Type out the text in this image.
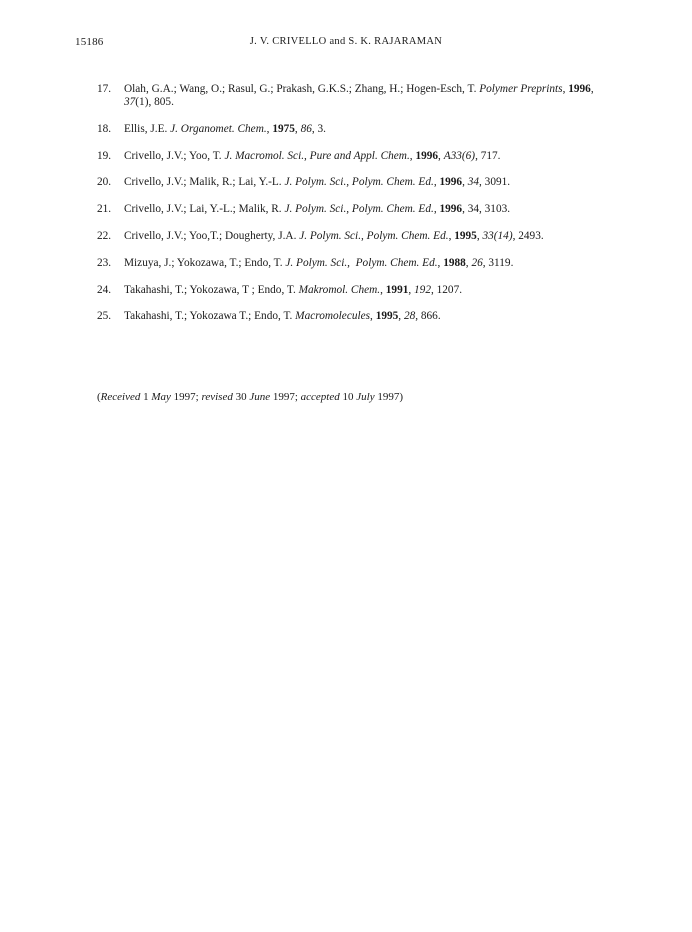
15186	J. V. CRIVELLO and S. K. RAJARAMAN
17.	Olah, G.A.; Wang, O.; Rasul, G.; Prakash, G.K.S.; Zhang, H.; Hogen-Esch, T. Polymer Preprints, 1996, 37(1), 805.
18.	Ellis, J.E. J. Organomet. Chem., 1975, 86, 3.
19.	Crivello, J.V.; Yoo, T. J. Macromol. Sci., Pure and Appl. Chem., 1996, A33(6), 717.
20.	Crivello, J.V.; Malik, R.; Lai, Y.-L. J. Polym. Sci., Polym. Chem. Ed., 1996, 34, 3091.
21.	Crivello, J.V.; Lai, Y.-L.; Malik, R. J. Polym. Sci., Polym. Chem. Ed., 1996, 34, 3103.
22.	Crivello, J.V.; Yoo,T.; Dougherty, J.A. J. Polym. Sci., Polym. Chem. Ed., 1995, 33(14), 2493.
23.	Mizuya, J.; Yokozawa, T.; Endo, T. J. Polym. Sci.,  Polym. Chem. Ed., 1988, 26, 3119.
24.	Takahashi, T.; Yokozawa, T ; Endo, T. Makromol. Chem., 1991, 192, 1207.
25.	Takahashi, T.; Yokozawa T.; Endo, T. Macromolecules, 1995, 28, 866.
(Received 1 May 1997; revised 30 June 1997; accepted 10 July 1997)
